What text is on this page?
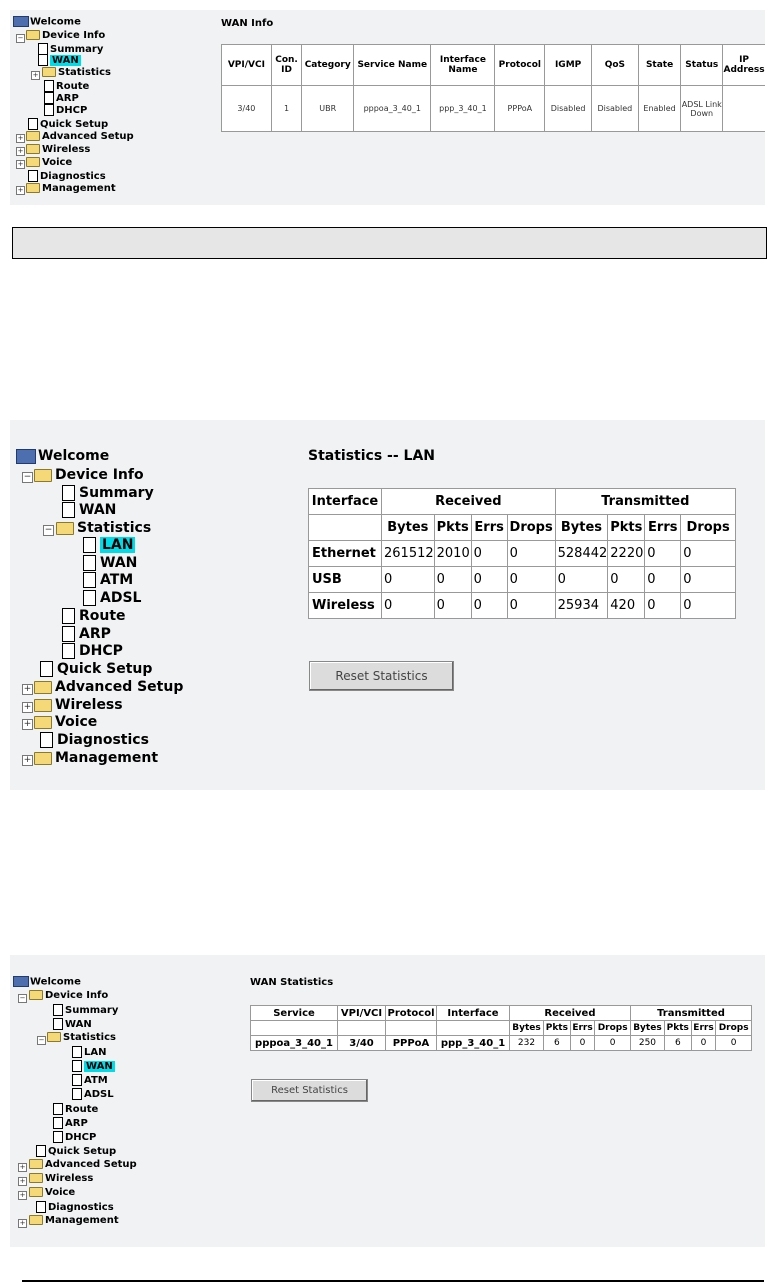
Welcome
−	Device Info
Summary
WAN
+	Statistics
Route
ARP
DHCP
Quick Setup
+	Advanced Setup
+	Wireless
+	Voice
Diagnostics
+	Management
WAN Info
VPI/VCI	Con. ID	Category	Service Name	Interface Name	Protocol	IGMP	QoS	State	Status	IP Address
3/40	1	UBR	pppoa_3_40_1	ppp_3_40_1	PPPoA	Disabled	Disabled	Enabled	ADSL Link Down	
Welcome
−	Device Info
Summary
WAN
−	Statistics
LAN
WAN
ATM
ADSL
Route
ARP
DHCP
Quick Setup
+	Advanced Setup
+	Wireless
+	Voice
Diagnostics
+	Management
Statistics -- LAN
Interface	Received				Transmitted			
	Bytes	Pkts	Errs	Drops	Bytes	Pkts	Errs	Drops
Ethernet	261512	2010	0	0	528442	2220	0	0
USB	0	0	0	0	0	0	0	0
Wireless	0	0	0	0	25934	420	0	0
Reset Statistics
Welcome
−	Device Info
Summary
WAN
−	Statistics
LAN
WAN
ATM
ADSL
Route
ARP
DHCP
Quick Setup
+	Advanced Setup
+	Wireless
+	Voice
Diagnostics
+	Management
WAN Statistics
Service	VPI/VCI	Protocol	Interface	Received				Transmitted			
				Bytes	Pkts	Errs	Drops	Bytes	Pkts	Errs	Drops
pppoa_3_40_1	3/40	PPPoA	ppp_3_40_1	232	6	0	0	250	6	0	0
Reset Statistics
